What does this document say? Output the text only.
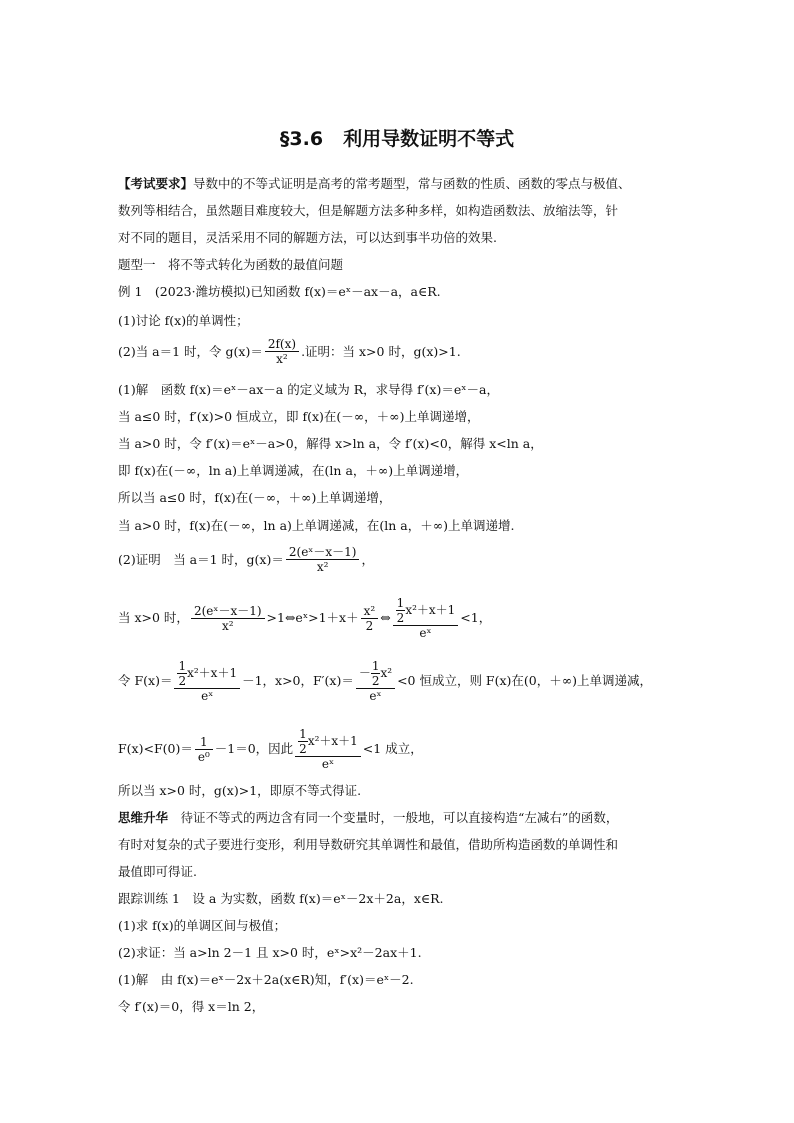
§3.6 利用导数证明不等式
【考试要求】导数中的不等式证明是高考的常考题型，常与函数的性质、函数的零点与极值、
数列等相结合，虽然题目难度较大，但是解题方法多种多样，如构造函数法、放缩法等，针
对不同的题目，灵活采用不同的解题方法，可以达到事半功倍的效果.
题型一　将不等式转化为函数的最值问题
例 1　(2023·潍坊模拟)已知函数 f(x)＝eˣ－ax－a，a∈R.
(1)讨论 f(x)的单调性；
(2)当 a＝1 时，令 $g(x)= \frac{2f(x)}{\text{x²}}$ .证明：当 x>0 时，g(x)>1.
(1)解　函数 f(x)＝eˣ－ax－a 的定义域为 R，求导得 f′(x)＝eˣ－a，
当 a≤0 时，f′(x)>0 恒成立，即 f(x)在(－∞，＋∞)上单调递增，
当 a>0 时，令 f′(x)＝eˣ－a>0，解得 x>ln a，令 f′(x)<0，解得 x<ln a，
即 f(x)在(－∞，ln a)上单调递减，在(ln a，＋∞)上单调递增，
所以当 a≤0 时，f(x)在(－∞，＋∞)上单调递增，
当 a>0 时，f(x)在(－∞，ln a)上单调递减，在(ln a，＋∞)上单调递增.
(2)证明　当 a＝1 时，$g(x)= \frac{\text{2(eˣ－x－1)}}{\text{x²}}$ ，
当 x>0 时， $\frac{\text{2(eˣ－x－1)}}{\text{x²}}$ >1⇔eˣ>1＋x＋ $\frac{\text{x²}}{2}$ ⇔ $\frac{\frac{1}{2} x^2+x+1}{\text{eˣ}} <1$，
令 $F(x)= \frac{\frac{1}{2} x^2+x+1}{\text{eˣ}} -1$，x>0，$F'(x)= \frac{- \frac{1}{2} x^2}{\text{eˣ}} <0$ 恒成立，则 F(x)在(0，＋∞)上单调递减，
$F(x)<F(0)= \frac{1}{\text{e⁰}} -1=0$，因此 $\frac{\frac{1}{2} x^2+x+1}{\text{eˣ}} <1$ 成立，
所以当 x>0 时，g(x)>1，即原不等式得证.
思维升华　 待证不等式的两边含有同一个变量时，一般地，可以直接构造“左减右”的函数，
有时对复杂的式子要进行变形，利用导数研究其单调性和最值，借助所构造函数的单调性和
最值即可得证.
跟踪训练 1　设 a 为实数，函数 f(x)＝eˣ－2x＋2a，x∈R.
(1)求 f(x)的单调区间与极值；
(2)求证：当 a>ln 2－1 且 x>0 时，eˣ>x²－2ax＋1.
(1)解　由 f(x)＝eˣ－2x＋2a(x∈R)知，f′(x)＝eˣ－2.
令 f′(x)＝0，得 x＝ln 2，
